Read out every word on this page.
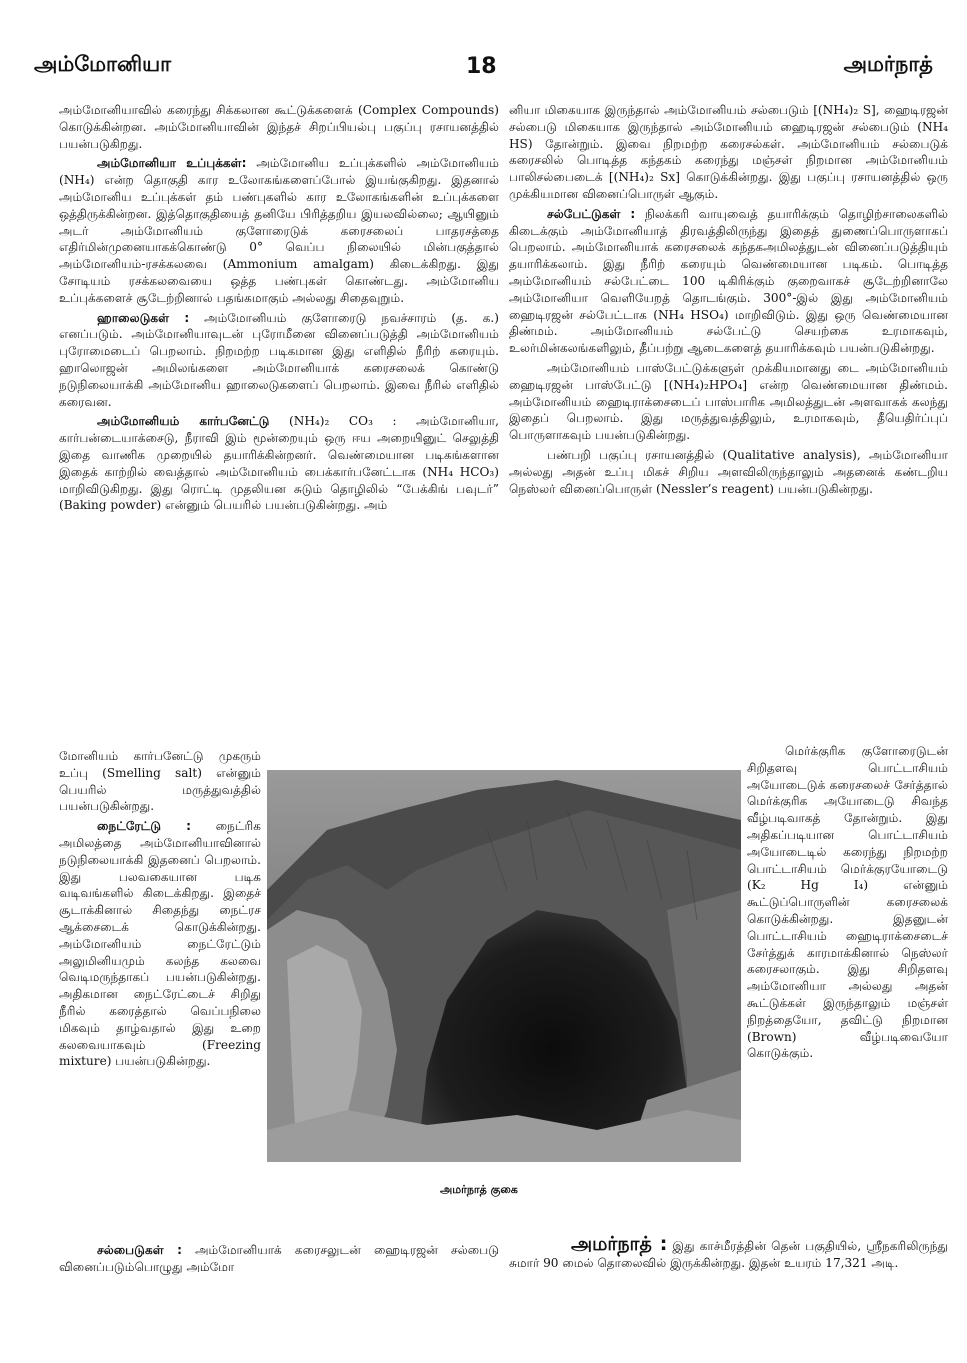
அம்மோனியா	18	அமர்நாத்

அம்மோனியாவில் கரைந்து சிக்கலான கூட்டுக்களைக் (Complex Compounds) கொடுக்கின்றன. அம்மோனியாவின் இந்தச் சிறப்பியல்பு பகுப்பு ரசாயனத்தில் பயன்படுகிறது.

அம்மோனியா உப்புக்கள்: அம்மோனிய உப்புக்களில் அம்மோனியம் (NH₄) என்ற தொகுதி கார உலோகங்களைப்போல் இயங்குகிறது. இதனால் அம்மோனிய உப்புக்கள் தம் பண்புகளில் கார உலோகங்களின் உப்புக்களை ஒத்திருக்கின்றன. இத்தொகுதியைத் தனியே பிரித்தறிய இயலவில்லை; ஆயினும் அடர் அம்மோனியம் குளோரைடுக் கரைசலைப் பாதரசத்தை எதிர்மின்முனையாகக்கொண்டு 0° வெப்ப நிலையில் மின்பகுத்தால் அம்மோனியம்-ரசக்கலவை (Ammonium amalgam) கிடைக்கிறது. இது சோடியம் ரசக்கலவையை ஒத்த பண்புகள் கொண்டது. அம்மோனிய உப்புக்களைச் சூடேற்றினால் பதங்கமாகும் அல்லது சிதைவுறும்.

ஹாலைடுகள் : அம்மோனியம் குளோரைடு நவச்சாரம் (த. க.) எனப்படும். அம்மோனியாவுடன் புரோமீனை வினைப்படுத்தி அம்மோனியம் புரோமைடைப் பெறலாம். நிறமற்ற படிகமான இது எளிதில் நீரிற் கரையும். ஹாலொஜன் அமிலங்களை அம்மோனியாக் கரைசலைக் கொண்டு நடுநிலையாக்கி அம்மோனிய ஹாலைடுகளைப் பெறலாம். இவை நீரில் எளிதில் கரைவன.

அம்மோனியம் கார்பனேட்டு (NH₄)₂ CO₃ : அம்மோனியா, கார்பன்டையாக்சைடு, நீராவி இம் மூன்றையும் ஒரு ஈய அறையினுட் செலுத்தி இதை வாணிக முறையில் தயாரிக்கின்றனர். வெண்மையான படிகங்களான இதைக் காற்றில் வைத்தால் அம்மோனியம் பைக்கார்பனேட்டாக (NH₄ HCO₃) மாறிவிடுகிறது. இது ரொட்டி முதலியன சுடும் தொழிலில் “பேக்கிங் பவுடர்” (Baking powder) என்னும் பெயரில் பயன்படுகின்றது. அம்

மோனியம் கார்பனேட்டு முகரும் உப்பு (Smelling salt) என்னும் பெயரில் மருத்துவத்தில் பயன்படுகின்றது.

நைட்ரேட்டு : நைட்ரிக அமிலத்தை அம்மோனியாவினால் நடுநிலையாக்கி இதனைப் பெறலாம். இது பலவகையான படிக வடிவங்களில் கிடைக்கிறது. இதைச் சூடாக்கினால் சிதைந்து நைட்ரச ஆக்சைடைக் கொடுக்கின்றது. அம்மோனியம் நைட்ரேட்டும் அலுமினியமும் கலந்த கலவை வெடிமருந்தாகப் பயன்படுகின்றது. அதிகமான நைட்ரேட்டைச் சிறிது நீரில் கரைத்தால் வெப்பநிலை மிகவும் தாழ்வதால் இது உறை கலவையாகவும் (Freezing mixture) பயன்படுகின்றது.

னியா மிகையாக இருந்தால் அம்மோனியம் சல்பைடும் [(NH₄)₂ S], ஹைடிரஜன் சல்பைடு மிகையாக இருந்தால் அம்மோனியம் ஹைடிரஜன் சல்பைடும் (NH₄ HS) தோன்றும். இவை நிறமற்ற கரைசல்கள். அம்மோனியம் சல்பைடுக் கரைசலில் பொடித்த கந்தகம் கரைந்து மஞ்சள் நிறமான அம்மோனியம் பாலிசல்பைடைக் [(NH₄)₂ Sx] கொடுக்கின்றது. இது பகுப்பு ரசாயனத்தில் ஒரு முக்கியமான வினைப்பொருள் ஆகும்.

சல்பேட்டுகள் : நிலக்கரி வாயுவைத் தயாரிக்கும் தொழிற்சாலைகளில் கிடைக்கும் அம்மோனியாத் திரவத்திலிருந்து இதைத் துணைப்பொருளாகப் பெறலாம். அம்மோனியாக் கரைசலைக் கந்தகஅமிலத்துடன் வினைப்படுத்தியும் தயாரிக்கலாம். இது நீரிற் கரையும் வெண்மையான படிகம். பொடித்த அம்மோனியம் சல்பேட்டை 100 டிகிரிக்கும் குறைவாகச் சூடேற்றினாலே அம்மோனியா வெளியேறத் தொடங்கும். 300°-இல் இது அம்மோனியம் ஹைடிரஜன் சல்பேட்டாக (NH₄ HSO₄) மாறிவிடும். இது ஒரு வெண்மையான திண்மம். அம்மோனியம் சல்பேட்டு செயற்கை உரமாகவும், உலர்மின்கலங்களிலும், தீப்பற்று ஆடைகளைத் தயாரிக்கவும் பயன்படுகின்றது.

அம்மோனியம் பாஸ்பேட்டுக்களுள் முக்கியமானது டை அம்மோனியம் ஹைடிரஜன் பாஸ்பேட்டு [(NH₄)₂HPO₄] என்ற வெண்மையான திண்மம். அம்மோனியம் ஹைடிராக்சைடைப் பாஸ்பாரிக அமிலத்துடன் அளவாகக் கலந்து இதைப் பெறலாம். இது மருத்துவத்திலும், உரமாகவும், தீயெதிர்ப்புப் பொருளாகவும் பயன்படுகின்றது.

பண்பறி பகுப்பு ரசாயனத்தில் (Qualitative analysis), அம்மோனியா அல்லது அதன் உப்பு மிகச் சிறிய அளவிலிருந்தாலும் அதனைக் கண்டறிய நெஸ்லர் வினைப்பொருள் (Nessler’s reagent) பயன்படுகின்றது.

மெர்க்குரிக குளோரைடுடன் சிறிதளவு பொட்டாசியம் அயோடைடுக் கரைசலைச் சேர்த்தால் மெர்க்குரிக அயோடைடு சிவந்த வீழ்படிவாகத் தோன்றும். இது அதிகப்படியான பொட்டாசியம் அயோடைடில் கரைந்து நிறமற்ற பொட்டாசியம் மெர்க்குரயோடைடு (K₂ Hg I₄) என்னும் கூட்டுப்பொருளின் கரைசலைக் கொடுக்கின்றது. இதனுடன் பொட்டாசியம் ஹைடிராக்சைடைச் சேர்த்துக் காரமாக்கினால் நெஸ்லர் கரைசலாகும். இது சிறிதளவு அம்மோனியா அல்லது அதன் கூட்டுக்கள் இருந்தாலும் மஞ்சள் நிறத்தையோ, தவிட்டு நிறமான (Brown) வீழ்படிவையோ கொடுக்கும்.

அமர்நாத் குகை

சல்பைடுகள் : அம்மோனியாக் கரைசலுடன் ஹைடிரஜன் சல்பைடு வினைப்படும்பொழுது அம்மோ

அமர்நாத் : இது காச்மீரத்தின் தென் பகுதியில், ஸ்ரீநகரிலிருந்து சுமார் 90 மைல் தொலைவில் இருக்கின்றது. இதன் உயரம் 17,321 அடி.
